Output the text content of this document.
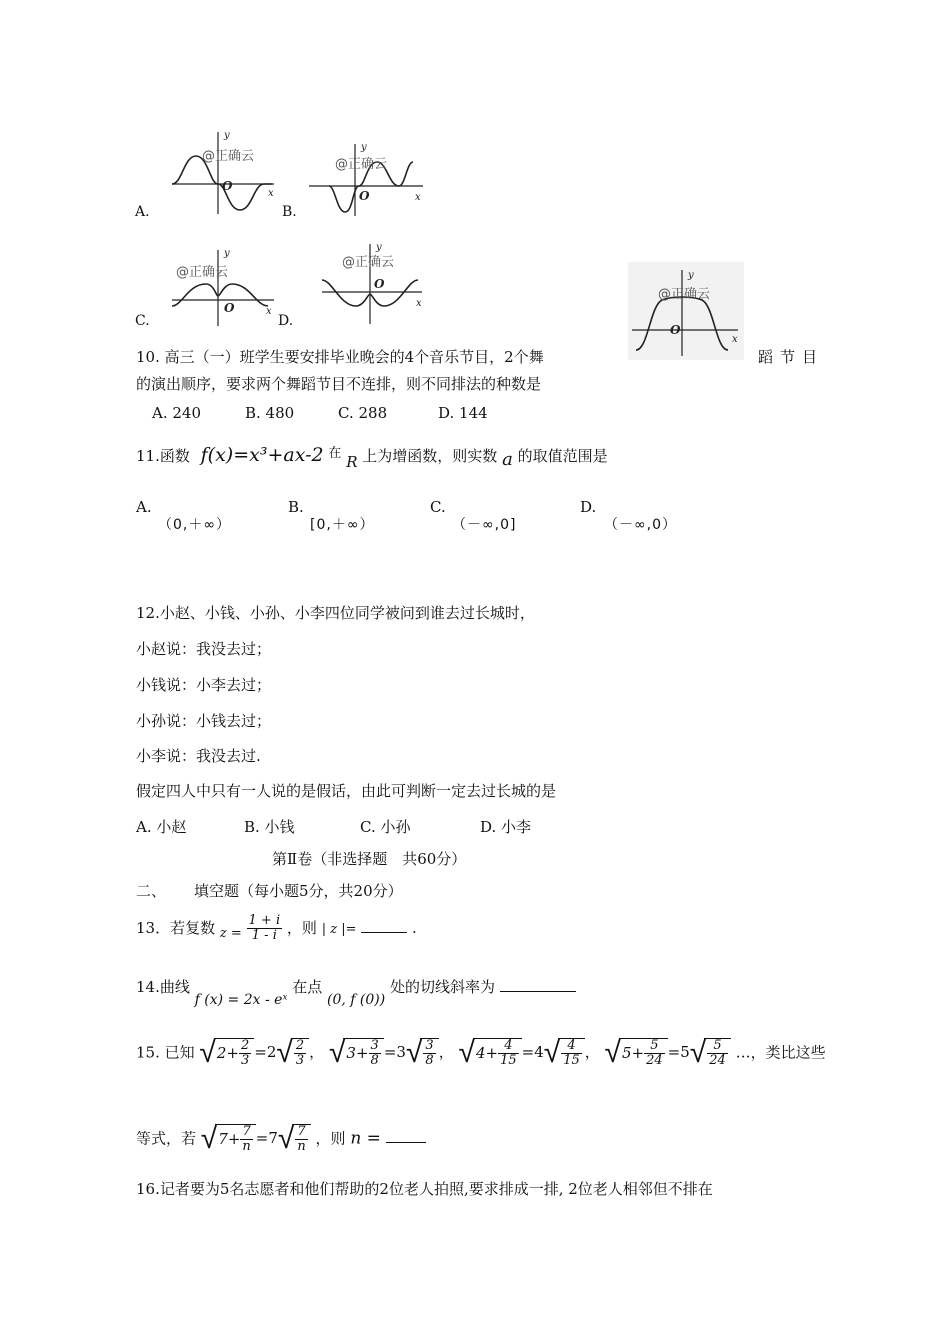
y
x
O
@正确云
A.
y
x
O
@正确云
B.
y
x
O
@正确云
C.
y
x
O
@正确云
D.
y
x
O
@正确云
10. 高三（一）班学生要安排毕业晚会的4个音乐节目，2个舞	蹈节目
的演出顺序，要求两个舞蹈节目不连排，则不同排法的种数是
A. 240	B. 480	C. 288	D. 144
11.函数 f(x)=x³+ax-2 在 R 上为增函数，则实数 a 的取值范围是
A.
（0,＋∞）
B.
[0,＋∞）
C.
（－∞,0]
D.
（－∞,0）
12.小赵、小钱、小孙、小李四位同学被问到谁去过长城时，
小赵说：我没去过；
小钱说：小李去过；
小孙说：小钱去过；
小李说：我没去过.
假定四人中只有一人说的是假话，由此可判断一定去过长城的是
A. 小赵	B. 小钱	C. 小孙	D. 小李
第Ⅱ卷（非选择题　共60分）
二、 填空题（每小题5分，共20分）
13．若复数 $z = \frac{1 + i}{1 - i}$ ，则 | z |=	.
14.曲线 f (x) = 2x - eˣ 在点 (0, f (0)) 处的切线斜率为
15. 已知 $√2+ \frac{2}{3} =2√ \frac{2}{3}$ ， $√3+ \frac{3}{8} =3√ \frac{3}{8}$ ， $√4+ \frac{4}{15} =4√ \frac{4}{15}$ ， $√5+ \frac{5}{24} =5√ \frac{5}{24}$ …，类比这些
等式，若 $√7+ \frac{7}{n} =7√ \frac{7}{n}$ ，则 n =
16.记者要为5名志愿者和他们帮助的2位老人拍照,要求排成一排, 2位老人相邻但不排在
